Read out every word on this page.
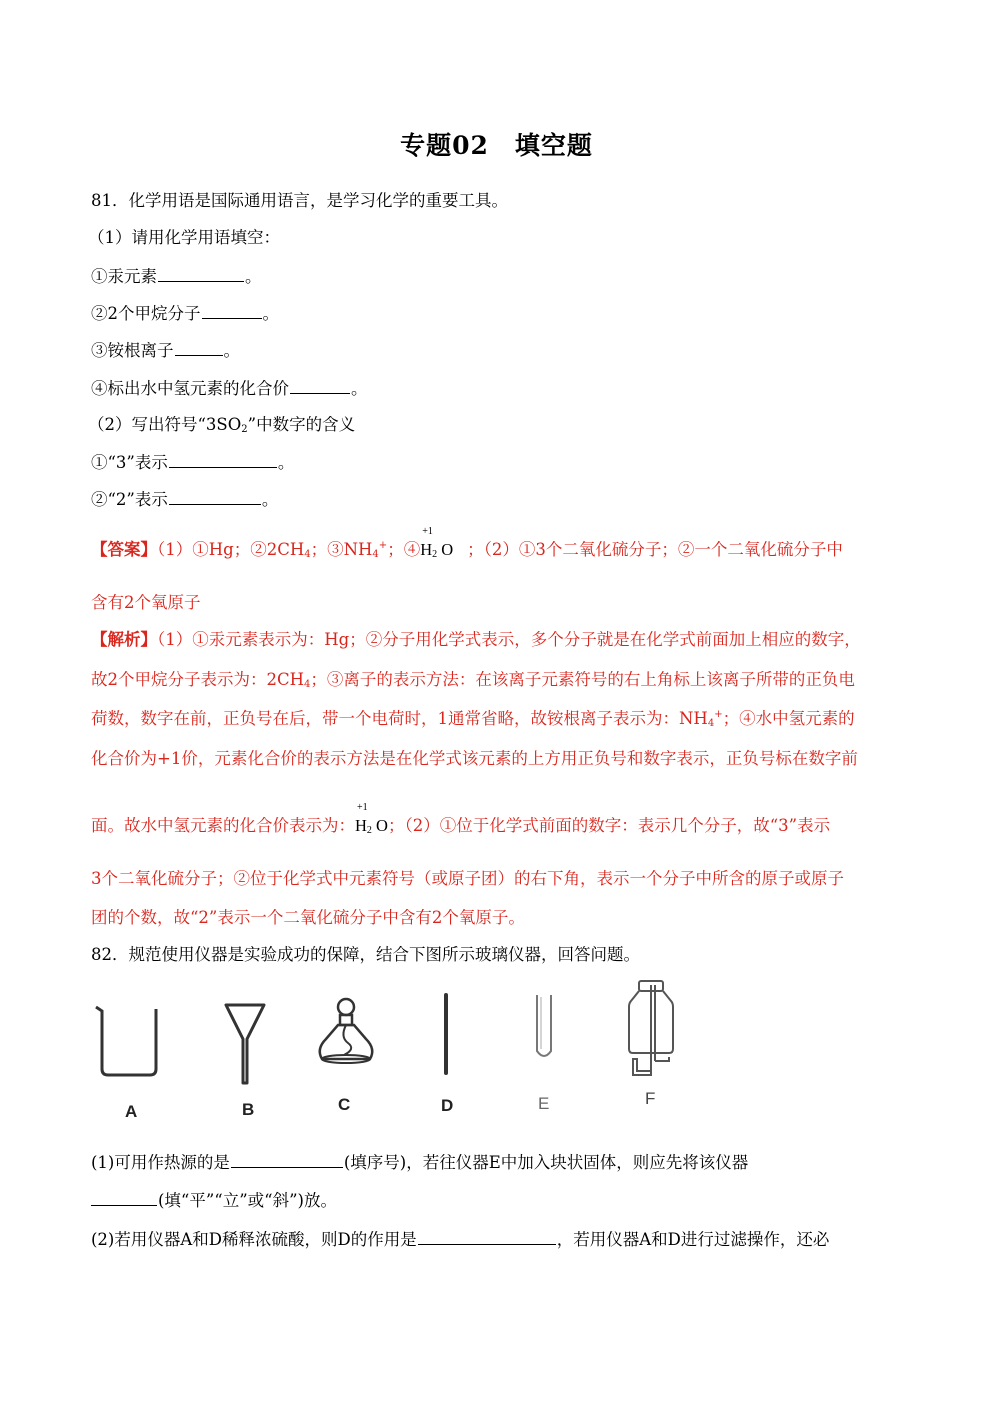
专题02 填空题
81．化学用语是国际通用语言，是学习化学的重要工具。
（1）请用化学用语填空：
①汞元素	。
②2个甲烷分子	。
③铵根离子	。
④标出水中氢元素的化合价	。
（2）写出符号“$3SO_2$”中数字的含义
①“3”表示	。
②“2”表示	。
【答案】（1）①Hg；$②2CH_4$；$③NH_4^+$；④
+1
$H_2$ O ；（2）①3个二氧化硫分子；②一个二氧化硫分子中
含有2个氧原子
【解析】（1）①汞元素表示为：Hg；②分子用化学式表示，多个分子就是在化学式前面加上相应的数字，
故2个甲烷分子表示为：$2CH_4$；③离子的表示方法：在该离子元素符号的右上角标上该离子所带的正负电
荷数，数字在前，正负号在后，带一个电荷时，1通常省略，故铵根离子表示为：$NH_4^+$；④水中氢元素的
化合价为+1价，元素化合价的表示方法是在化学式该元素的上方用正负号和数字表示，正负号标在数字前
面。故水中氢元素的化合价表示为：
+1
$H_2$ O；（2）①位于化学式前面的数字：表示几个分子，故“3”表示
3个二氧化硫分子；②位于化学式中元素符号（或原子团）的右下角，表示一个分子中所含的原子或原子
团的个数，故“2”表示一个二氧化硫分子中含有2个氧原子。
82．规范使用仪器是实验成功的保障，结合下图所示玻璃仪器，回答问题。
A	B	C	D	E	F
(1)可用作热源的是	(填序号)，若往仪器E中加入块状固体，则应先将该仪器
(填“平”“立”或“斜”)放。
(2)若用仪器A和D稀释浓硫酸，则D的作用是	，若用仪器A和D进行过滤操作，还必
